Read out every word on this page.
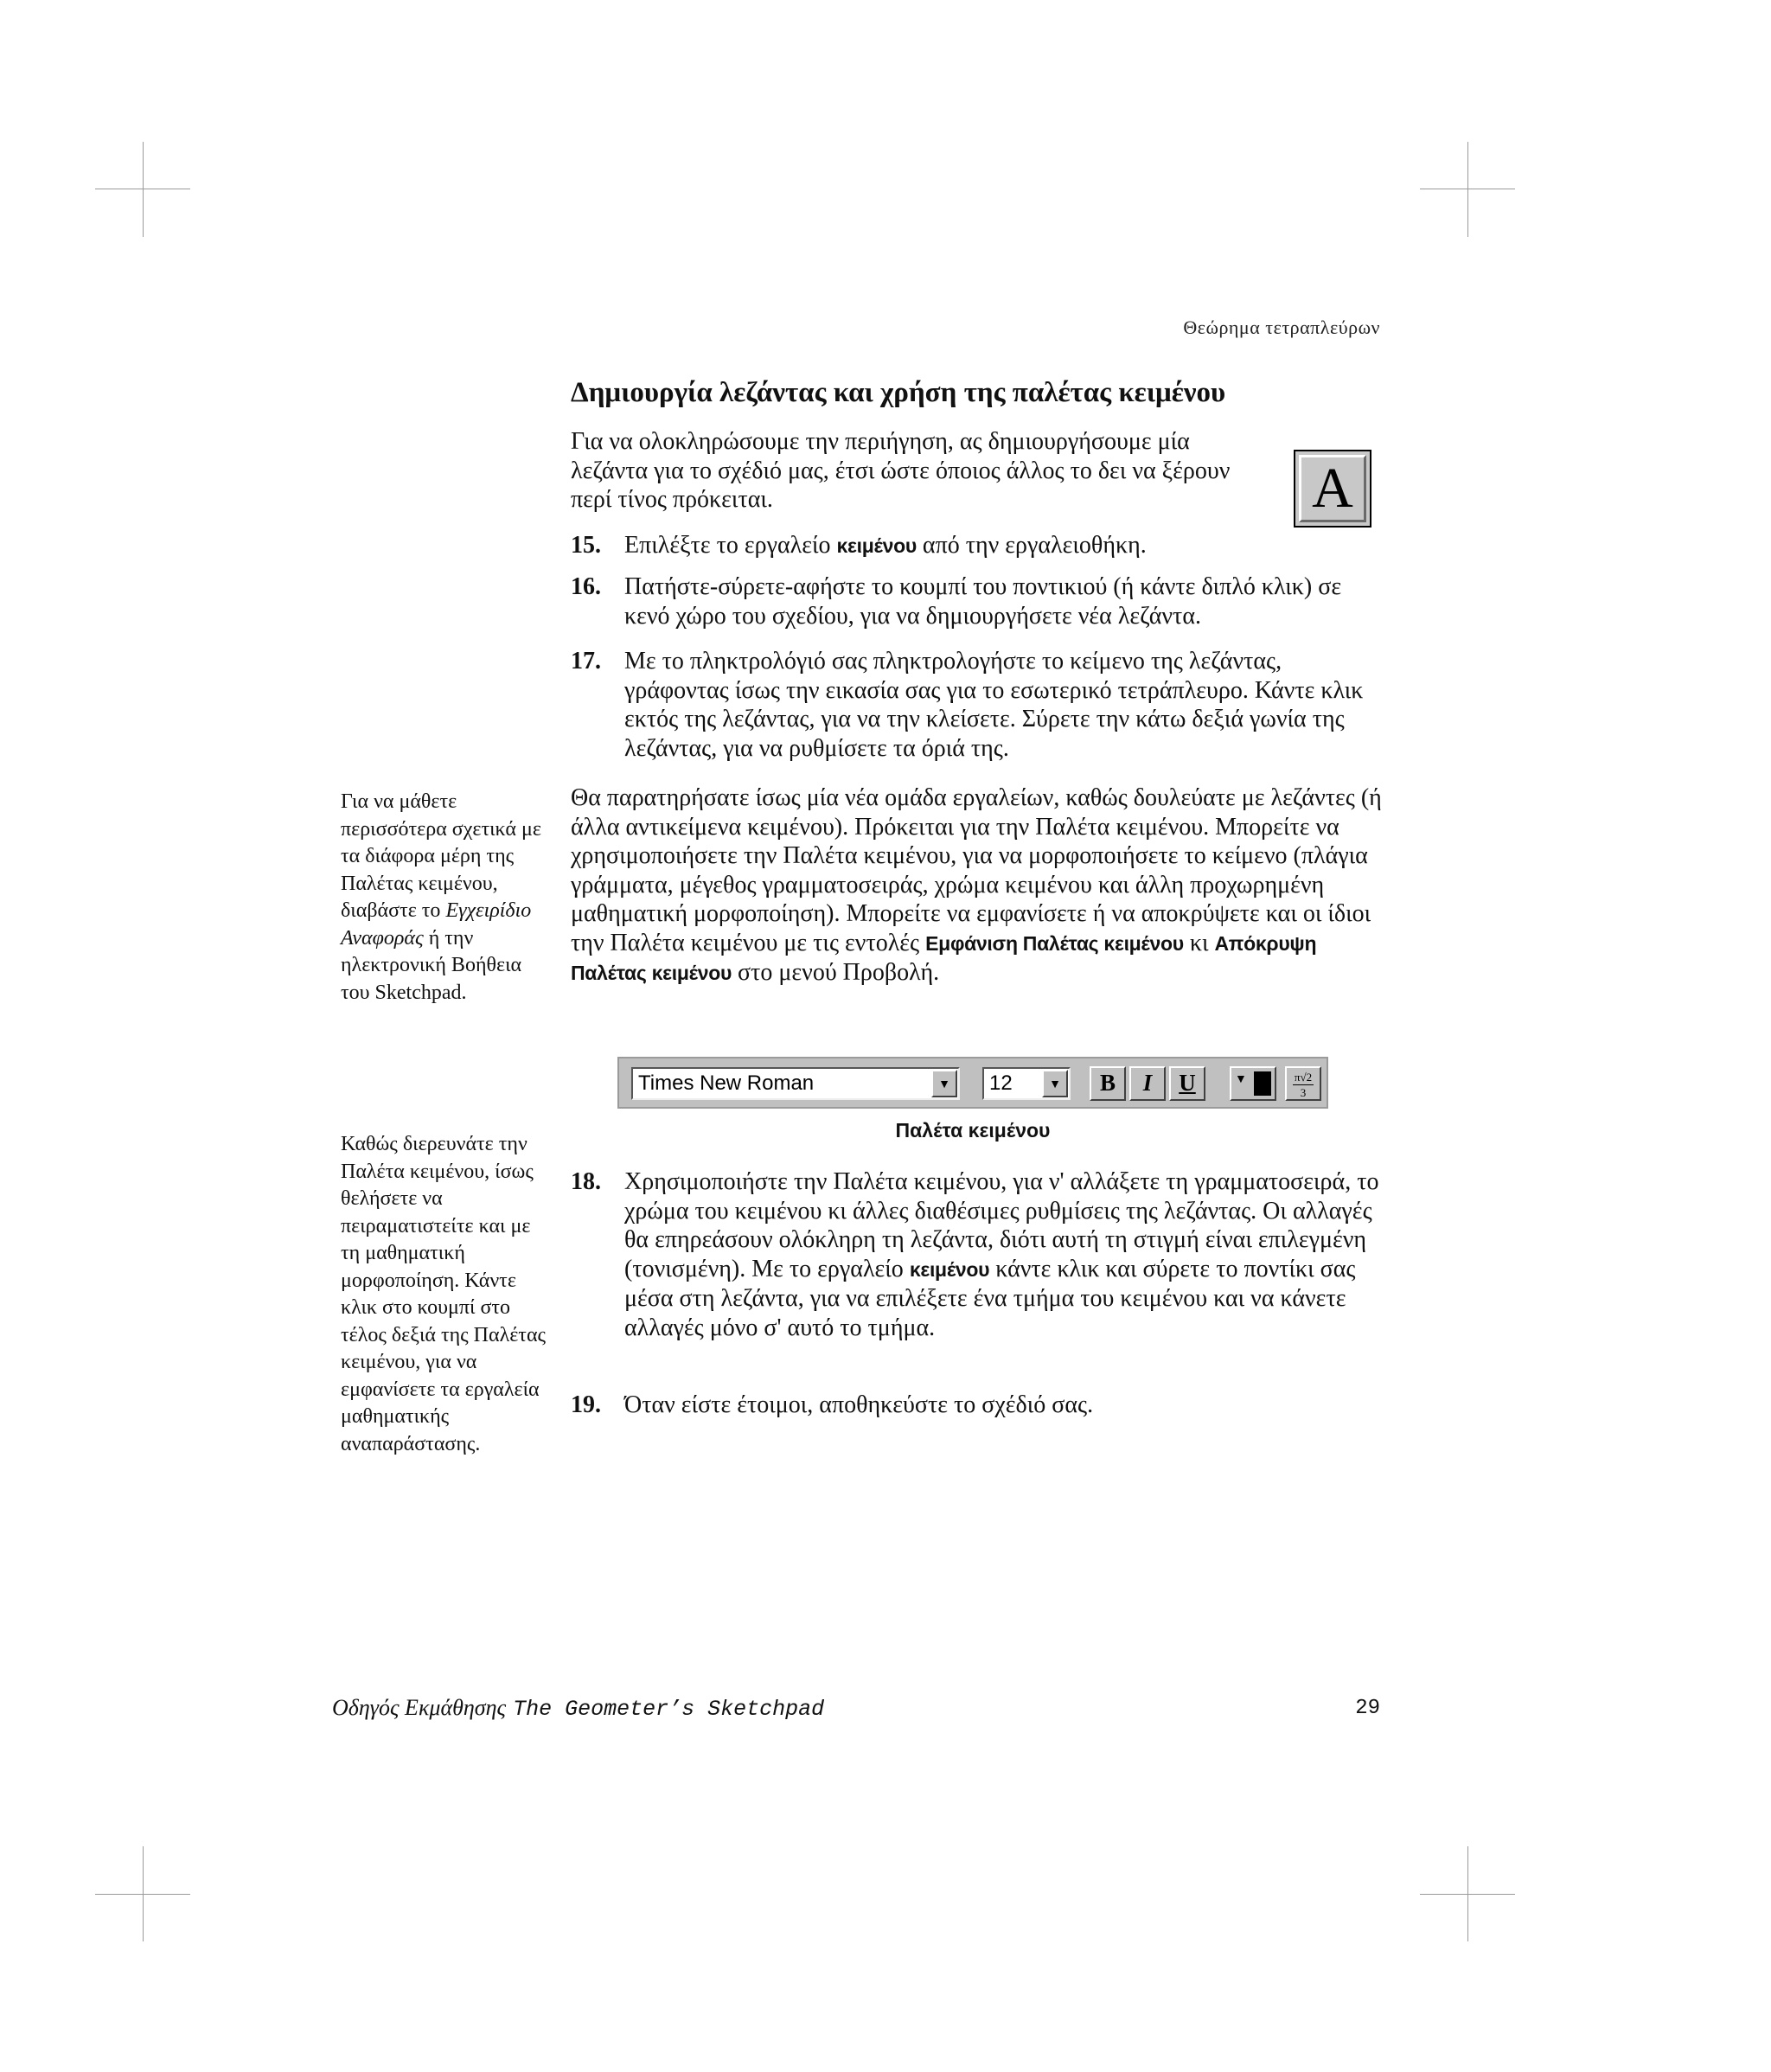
Θεώρημα τετραπλεύρων
Δημιουργία λεζάντας και χρήση της παλέτας κειμένου

Για να ολοκληρώσουμε την περιήγηση, ας δημιουργήσουμε μία λεζάντα για το σχέδιό μας, έτσι ώστε όποιος άλλος το δει να ξέρουν περί τίνος πρόκειται.	A
15. Επιλέξτε το εργαλείο κειμένου από την εργαλειοθήκη.
16. Πατήστε-σύρετε-αφήστε το κουμπί του ποντικιού (ή κάντε διπλό κλικ) σε κενό χώρο του σχεδίου, για να δημιουργήσετε νέα λεζάντα.
17. Με το πληκτρολόγιό σας πληκτρολογήστε το κείμενο της λεζάντας, γράφοντας ίσως την εικασία σας για το εσωτερικό τετράπλευρο. Κάντε κλικ εκτός της λεζάντας, για να την κλείσετε. Σύρετε την κάτω δεξιά γωνία της λεζάντας, για να ρυθμίσετε τα όριά της.

Θα παρατηρήσατε ίσως μία νέα ομάδα εργαλείων, καθώς δουλεύατε με λεζάντες (ή άλλα αντικείμενα κειμένου). Πρόκειται για την Παλέτα κειμένου. Μπορείτε να χρησιμοποιήσετε την Παλέτα κειμένου, για να μορφοποιήσετε το κείμενο (πλάγια γράμματα, μέγεθος γραμματοσειράς, χρώμα κειμένου και άλλη προχωρημένη μαθηματική μορφοποίηση). Μπορείτε να εμφανίσετε ή να αποκρύψετε και οι ίδιοι την Παλέτα κειμένου με τις εντολές Εμφάνιση Παλέτας κειμένου κι Απόκρυψη Παλέτας κειμένου στο μενού Προβολή.

Για να μάθετε περισσότερα σχετικά με τα διάφορα μέρη της Παλέτας κειμένου, διαβάστε το Εγχειρίδιο Αναφοράς ή την ηλεκτρονική Βοήθεια του Sketchpad.
Καθώς διερευνάτε την Παλέτα κειμένου, ίσως θελήσετε να πειραματιστείτε και με τη μαθηματική μορφοποίηση. Κάντε κλικ στο κουμπί στο τέλος δεξιά της Παλέτας κειμένου, για να εμφανίσετε τα εργαλεία μαθηματικής αναπαράστασης.
Times New Roman	▼	12	▼	B	I	U	▼	π√2
3
Παλέτα κειμένου
18. Χρησιμοποιήστε την Παλέτα κειμένου, για ν' αλλάξετε τη γραμματοσειρά, το χρώμα του κειμένου κι άλλες διαθέσιμες ρυθμίσεις της λεζάντας. Οι αλλαγές θα επηρεάσουν ολόκληρη τη λεζάντα, διότι αυτή τη στιγμή είναι επιλεγμένη (τονισμένη). Με το εργαλείο κειμένου κάντε κλικ και σύρετε το ποντίκι σας μέσα στη λεζάντα, για να επιλέξετε ένα τμήμα του κειμένου και να κάνετε αλλαγές μόνο σ' αυτό το τμήμα.
19. Όταν είστε έτοιμοι, αποθηκεύστε το σχέδιό σας.
Οδηγός Εκμάθησης The Geometer’s Sketchpad	29
